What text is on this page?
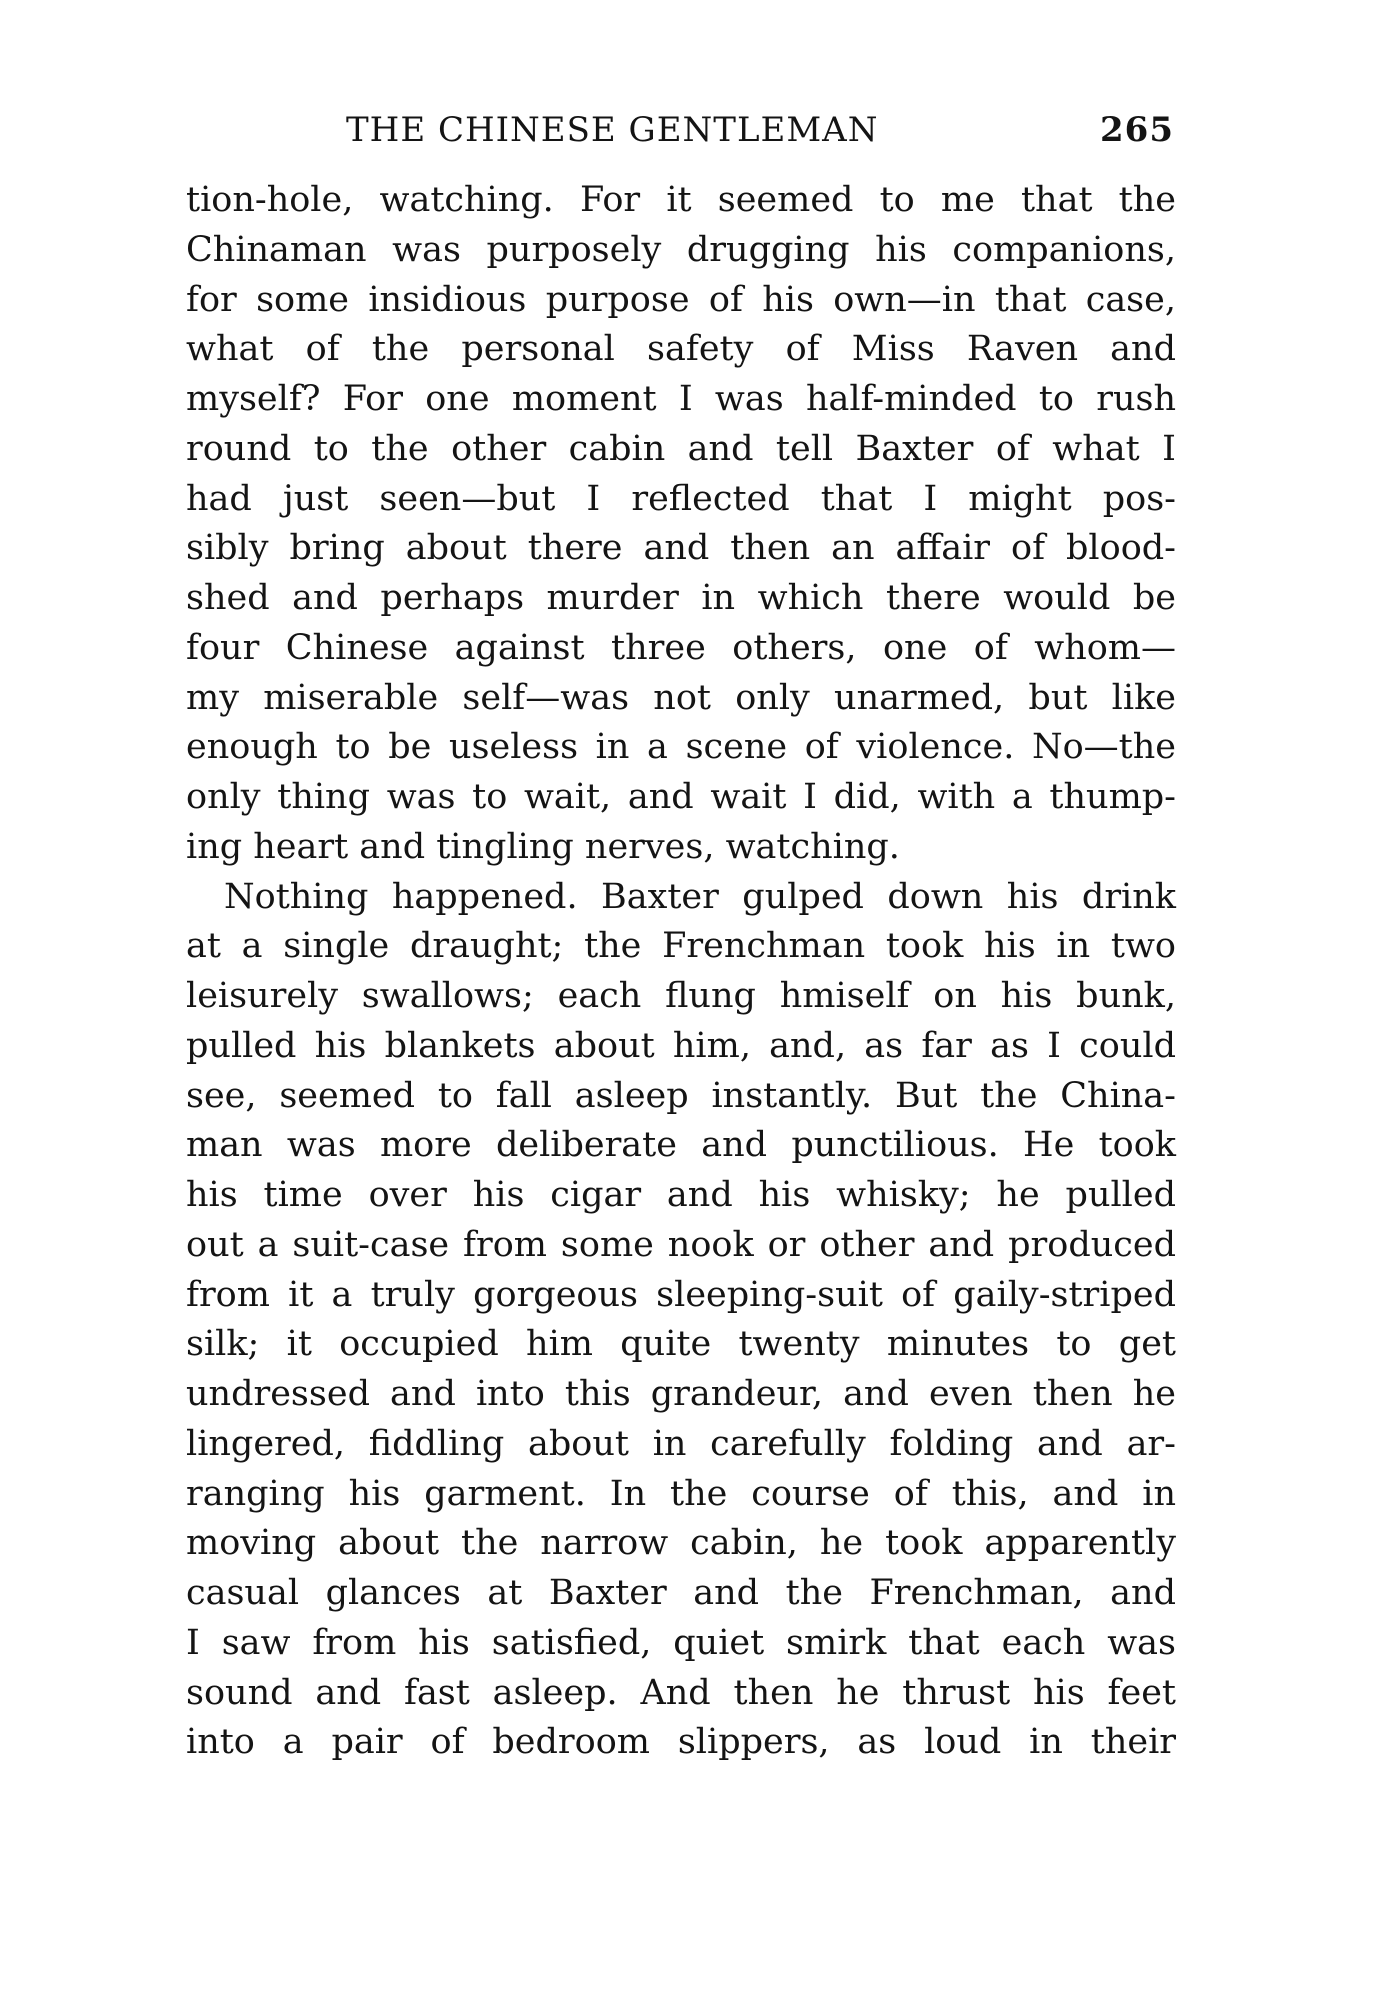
THE CHINESE GENTLEMAN	265
tion-hole, watching. For it seemed to me that the
Chinaman was purposely drugging his companions,
for some insidious purpose of his own—in that case,
what of the personal safety of Miss Raven and
myself? For one moment I was half-minded to rush
round to the other cabin and tell Baxter of what I
had just seen—but I reflected that I might pos-
sibly bring about there and then an affair of blood-
shed and perhaps murder in which there would be
four Chinese against three others, one of whom—
my miserable self—was not only unarmed, but like
enough to be useless in a scene of violence. No—the
only thing was to wait, and wait I did, with a thump-
ing heart and tingling nerves, watching.
Nothing happened. Baxter gulped down his drink
at a single draught; the Frenchman took his in two
leisurely swallows; each flung hmiself on his bunk,
pulled his blankets about him, and, as far as I could
see, seemed to fall asleep instantly. But the China-
man was more deliberate and punctilious. He took
his time over his cigar and his whisky; he pulled
out a suit-case from some nook or other and produced
from it a truly gorgeous sleeping-suit of gaily-striped
silk; it occupied him quite twenty minutes to get
undressed and into this grandeur, and even then he
lingered, fiddling about in carefully folding and ar-
ranging his garment. In the course of this, and in
moving about the narrow cabin, he took apparently
casual glances at Baxter and the Frenchman, and
I saw from his satisfied, quiet smirk that each was
sound and fast asleep. And then he thrust his feet
into a pair of bedroom slippers, as loud in their
